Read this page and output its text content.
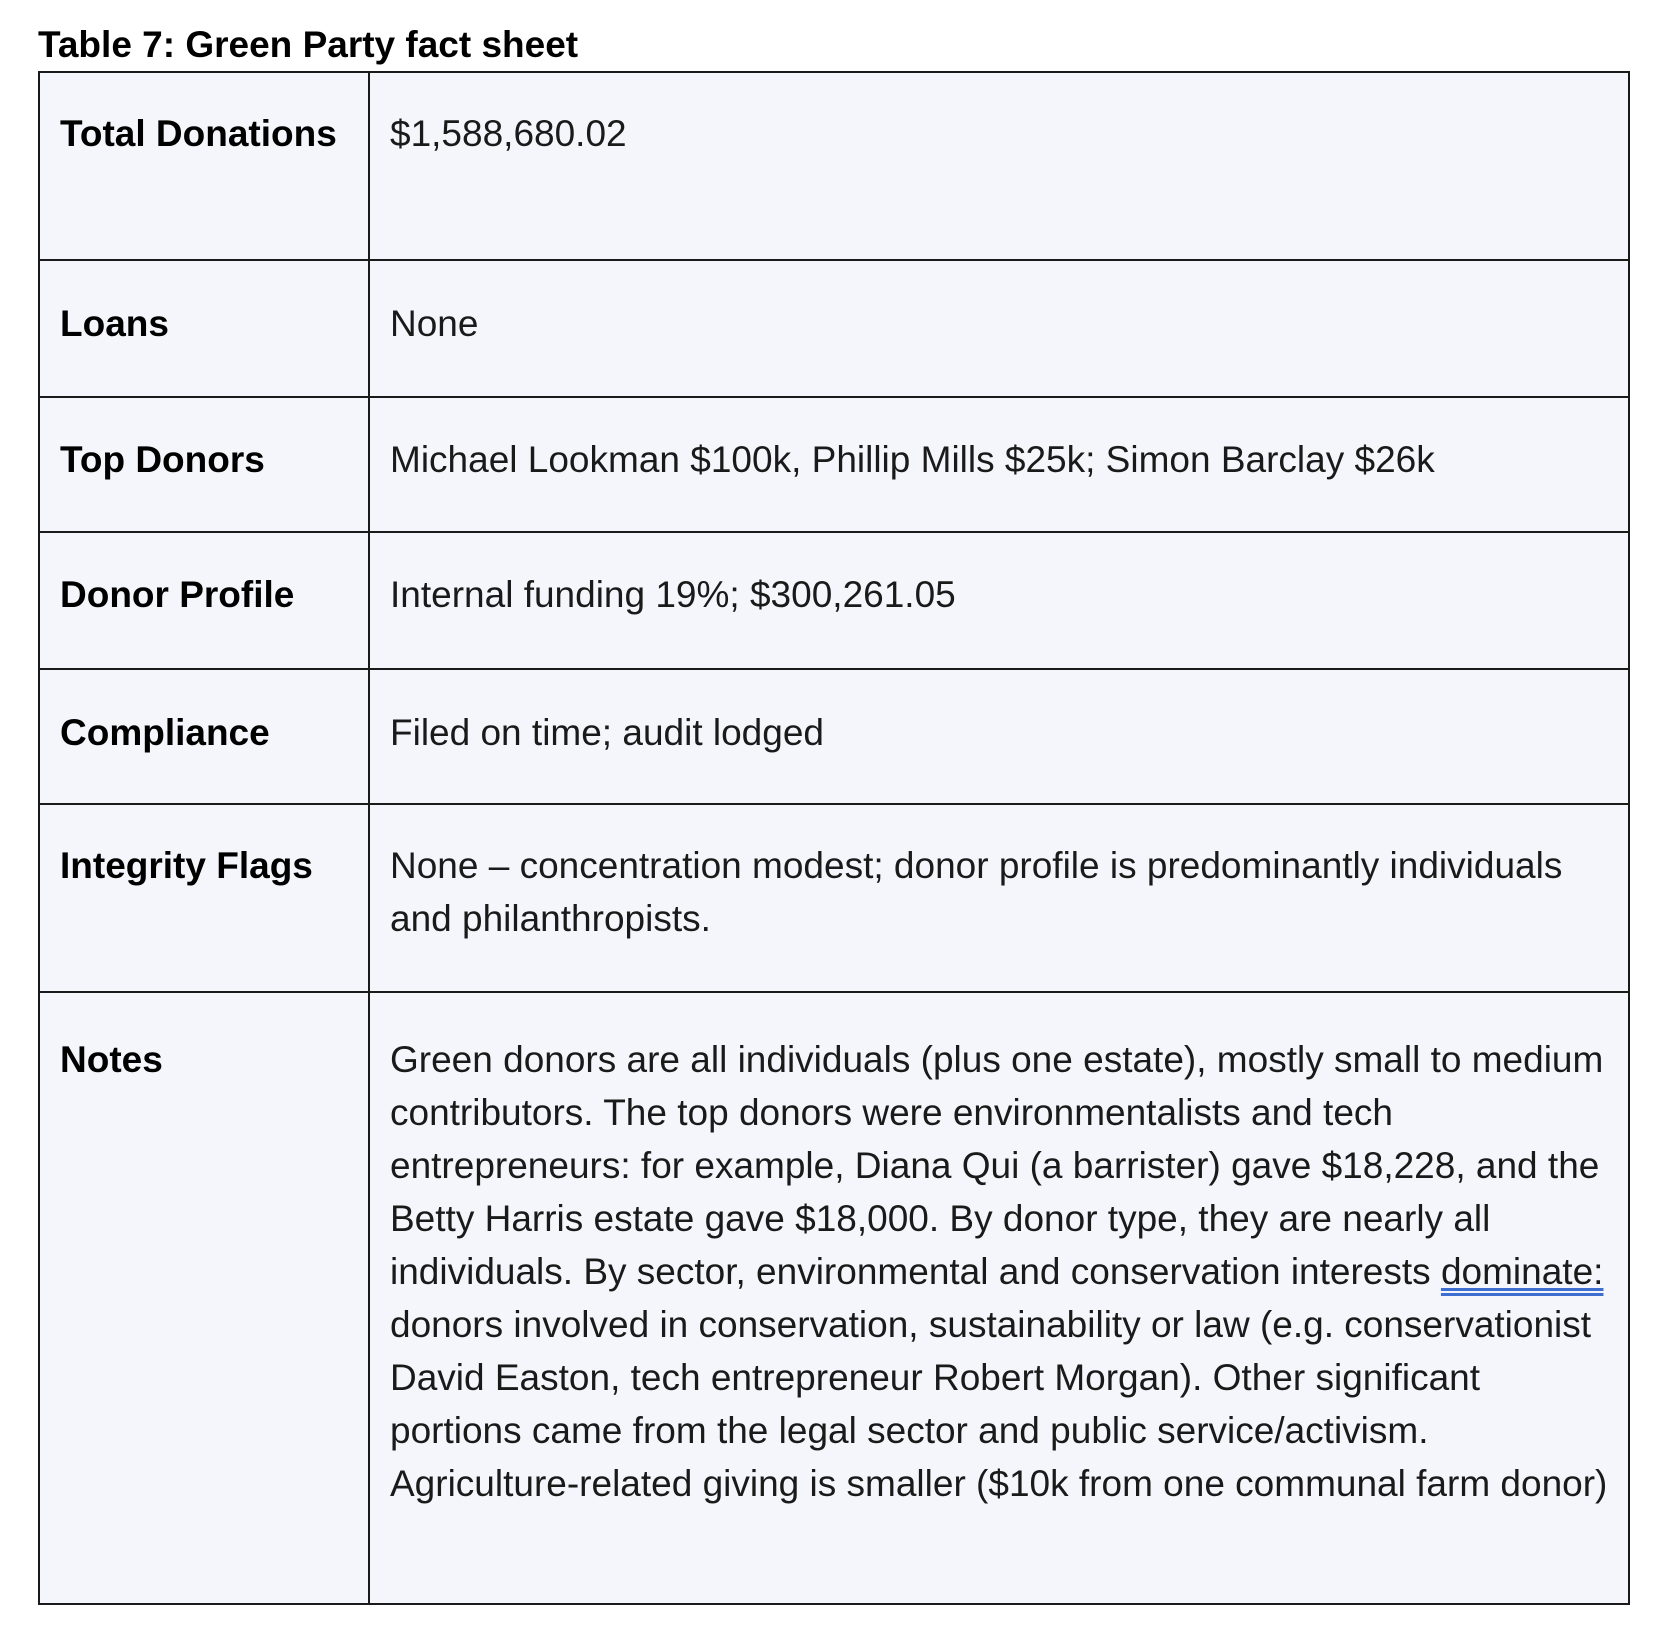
Table 7: Green Party fact sheet
Total Donations	$1,588,680.02
Loans	None
Top Donors	Michael Lookman $100k, Phillip Mills $25k; Simon Barclay $26k
Donor Profile	Internal funding 19%; $300,261.05
Compliance	Filed on time; audit lodged
Integrity Flags	None – concentration modest; donor profile is predominantly individuals and philanthropists.
Notes	Green donors are all individuals (plus one estate), mostly small to medium contributors. The top donors were environmentalists and tech entrepreneurs: for example, Diana Qui (a barrister) gave $18,228, and the Betty Harris estate gave $18,000. By donor type, they are nearly all individuals. By sector, environmental and conservation interests dominate: donors involved in conservation, sustainability or law (e.g. conservationist David Easton, tech entrepreneur Robert Morgan). Other significant portions came from the legal sector and public service/activism. Agriculture-related giving is smaller ($10k from one communal farm donor)
